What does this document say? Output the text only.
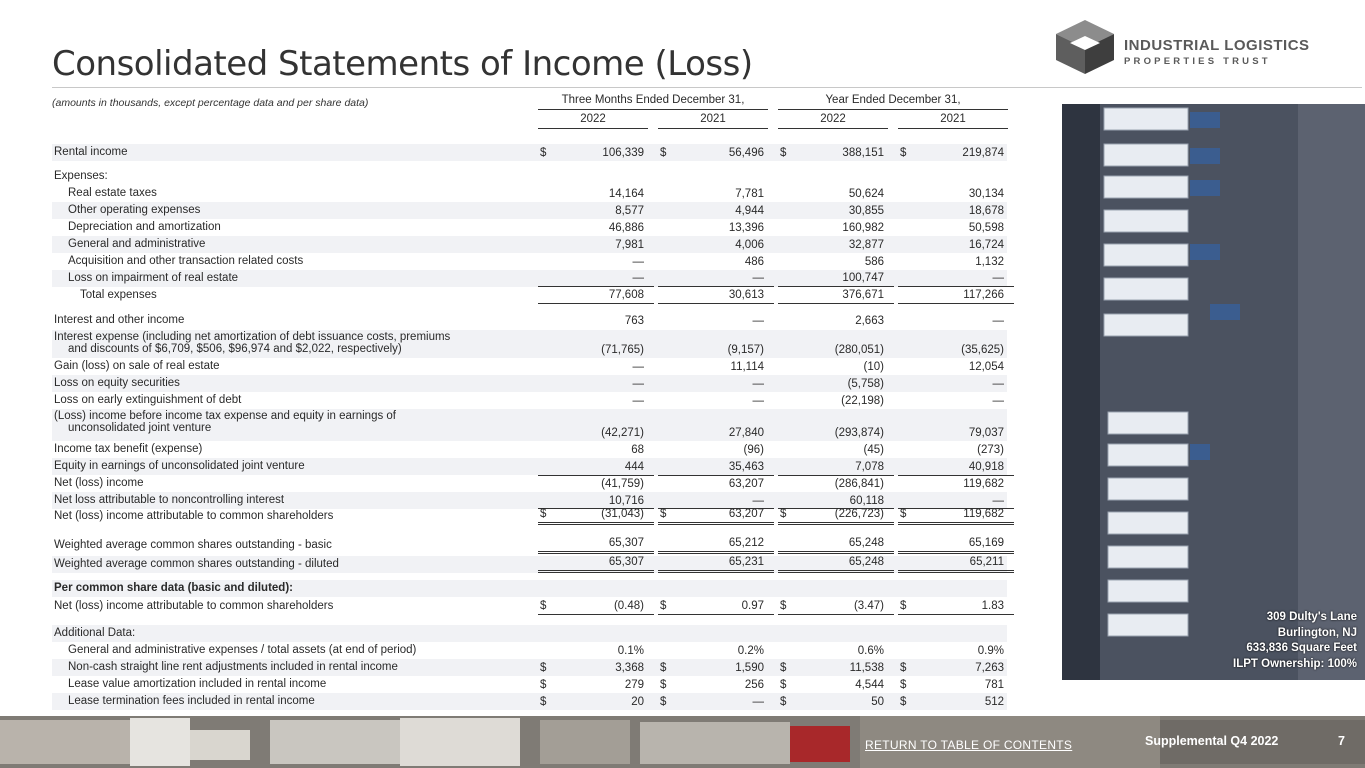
Consolidated Statements of Income (Loss)	INDUSTRIAL LOGISTICS
PROPERTIES TRUST
(amounts in thousands, except percentage data and per share data)	Three Months Ended December 31,	Year Ended December 31,
2022	2021	2022	2021
Rental income	$	106,339 $	56,496 $	388,151 $	219,874
Expenses:
Real estate taxes	14,164	7,781	50,624	30,134
Other operating expenses	8,577	4,944	30,855	18,678
Depreciation and amortization	46,886	13,396	160,982	50,598
General and administrative	7,981	4,006	32,877	16,724
Acquisition and other transaction related costs	—	486	586	1,132
Loss on impairment of real estate	—	—	100,747	—
Total expenses	77,608	30,613	376,671	117,266
Interest and other income	763	—	2,663	—
Interest expense (including net amortization of debt issuance costs, premiums
and discounts of $6,709, $506, $96,974 and $2,022, respectively)	(71,765)	(9,157)	(280,051)	(35,625)
Gain (loss) on sale of real estate	—	11,114	(10)	12,054
Loss on equity securities	—	—	(5,758)	—
Loss on early extinguishment of debt	—	—	(22,198)	—
(Loss) income before income tax expense and equity in earnings of
unconsolidated joint venture	(42,271)	27,840	(293,874)	79,037
Income tax benefit (expense)	68	(96)	(45)	(273)
Equity in earnings of unconsolidated joint venture	444	35,463	7,078	40,918
Net (loss) income	(41,759)	63,207	(286,841)	119,682
Net loss attributable to noncontrolling interest	10,716	—	60,118	—
Net (loss) income attributable to common shareholders	$	(31,043) $	63,207 $	(226,723) $	119,682
Weighted average common shares outstanding - basic	65,307	65,212	65,248	65,169
Weighted average common shares outstanding - diluted	65,307	65,231	65,248	65,211
Per common share data (basic and diluted):
Net (loss) income attributable to common shareholders	$	(0.48) $	0.97 $	(3.47) $	1.83
Additional Data:
General and administrative expenses / total assets (at end of period)	0.1%	0.2%	0.6%	0.9%
Non-cash straight line rent adjustments included in rental income	$	3,368 $	1,590 $	11,538 $	7,263
Lease value amortization included in rental income	$	279 $	256 $	4,544 $	781
Lease termination fees included in rental income	$	20 $	— $	50 $	512
309 Dulty's Lane
Burlington, NJ
633,836 Square Feet
ILPT Ownership: 100%
RETURN TO TABLE OF CONTENTS	Supplemental Q4 2022	7
